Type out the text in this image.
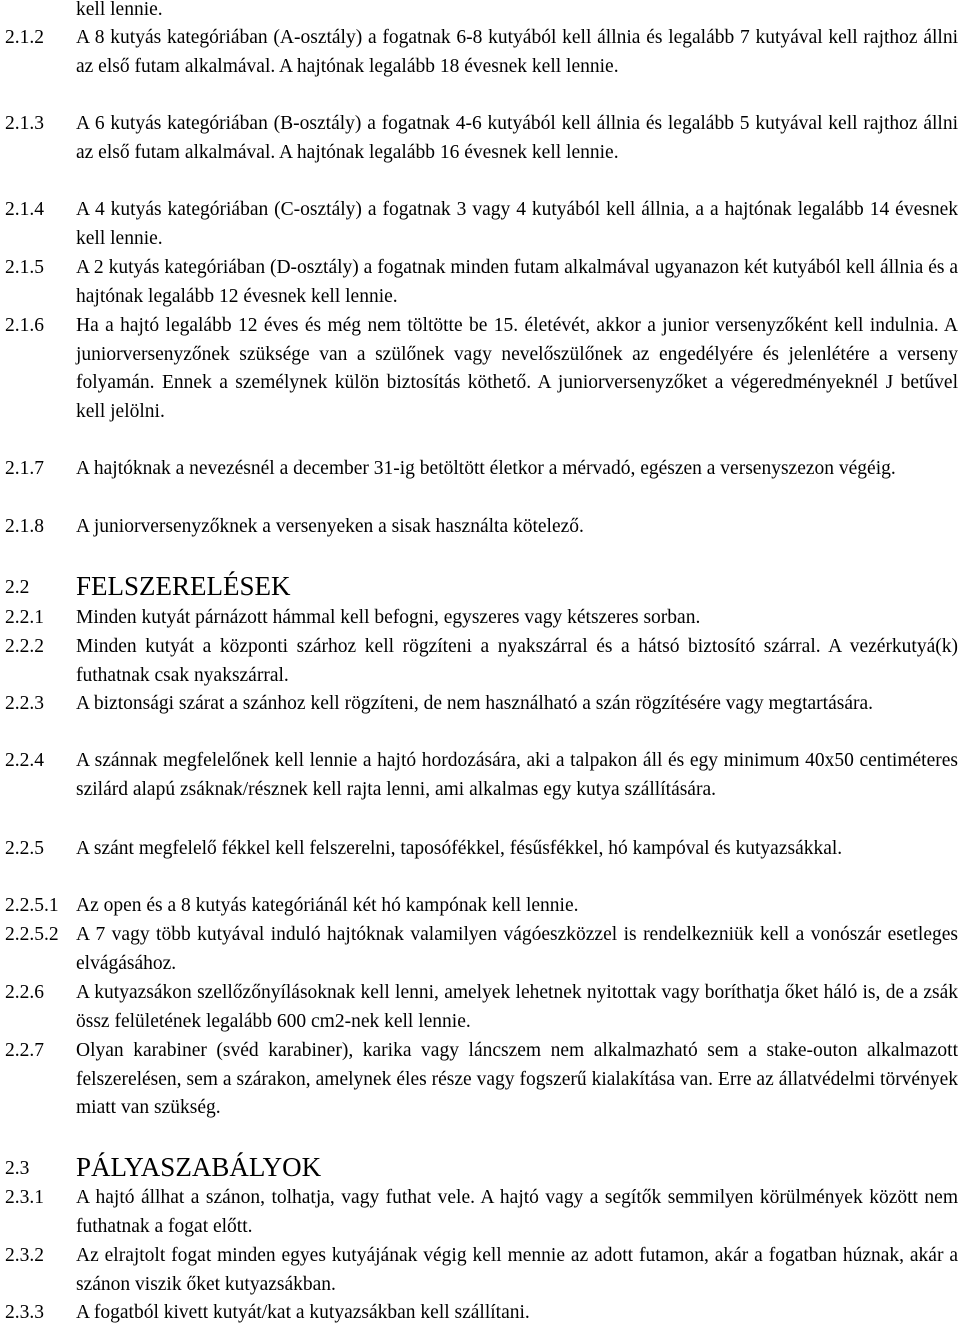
kell lennie.
2.1.2 A 8 kutyás kategóriában (A-osztály) a fogatnak 6-8 kutyából kell állnia és legalább 7 kutyával kell rajthoz állni az első futam alkalmával. A hajtónak legalább 18 évesnek kell lennie.
2.1.3 A 6 kutyás kategóriában (B-osztály) a fogatnak 4-6 kutyából kell állnia és legalább 5 kutyával kell rajthoz állni az első futam alkalmával. A hajtónak legalább 16 évesnek kell lennie.
2.1.4 A 4 kutyás kategóriában (C-osztály) a fogatnak 3 vagy 4 kutyából kell állnia, a a hajtónak legalább 14 évesnek kell lennie.
2.1.5 A 2 kutyás kategóriában (D-osztály) a fogatnak minden futam alkalmával ugyanazon két kutyából kell állnia és a hajtónak legalább 12 évesnek kell lennie.
2.1.6 Ha a hajtó legalább 12 éves és még nem töltötte be 15. életévét, akkor a junior versenyzőként kell indulnia. A juniorversenyzőnek szüksége van a szülőnek vagy nevelőszülőnek az engedélyére és jelenlétére a verseny folyamán. Ennek a személynek külön biztosítás köthető. A juniorversenyzőket a végeredményeknél J betűvel kell jelölni.
2.1.7 A hajtóknak a nevezésnél a december 31-ig betöltött életkor a mérvadó, egészen a versenyszezon végéig.
2.1.8 A juniorversenyzőknek a versenyeken a sisak használta kötelező.
2.2 FELSZERELÉSEK
2.2.1 Minden kutyát párnázott hámmal kell befogni, egyszeres vagy kétszeres sorban.
2.2.2 Minden kutyát a központi szárhoz kell rögzíteni a nyakszárral és a hátsó biztosító szárral. A vezérkutyá(k) futhatnak csak nyakszárral.
2.2.3 A biztonsági szárat a szánhoz kell rögzíteni, de nem használható a szán rögzítésére vagy megtartására.
2.2.4 A szánnak megfelelőnek kell lennie a hajtó hordozására, aki a talpakon áll és egy minimum 40x50 centiméteres szilárd alapú zsáknak/résznek kell rajta lenni, ami alkalmas egy kutya szállítására.
2.2.5 A szánt megfelelő fékkel kell felszerelni, taposófékkel, fésűsfékkel, hó kampóval és kutyazsákkal.
2.2.5.1 Az open és a 8 kutyás kategóriánál két hó kampónak kell lennie.
2.2.5.2 A 7 vagy több kutyával induló hajtóknak valamilyen vágóeszközzel is rendelkezniük kell a vonószár esetleges elvágásához.
2.2.6 A kutyazsákon szellőzőnyílásoknak kell lenni, amelyek lehetnek nyitottak vagy boríthatja őket háló is, de a zsák össz felületének legalább 600 cm2-nek kell lennie.
2.2.7 Olyan karabiner (svéd karabiner), karika vagy láncszem nem alkalmazható sem a stake-outon alkalmazott felszerelésen, sem a szárakon, amelynek éles része vagy fogszerű kialakítása van. Erre az állatvédelmi törvények miatt van szükség.
2.3 PÁLYASZABÁLYOK
2.3.1 A hajtó állhat a szánon, tolhatja, vagy futhat vele. A hajtó vagy a segítők semmilyen körülmények között nem futhatnak a fogat előtt.
2.3.2 Az elrajtolt fogat minden egyes kutyájának végig kell mennie az adott futamon, akár a fogatban húznak, akár a szánon viszik őket kutyazsákban.
2.3.3 A fogatból kivett kutyát/kat a kutyazsákban kell szállítani.
